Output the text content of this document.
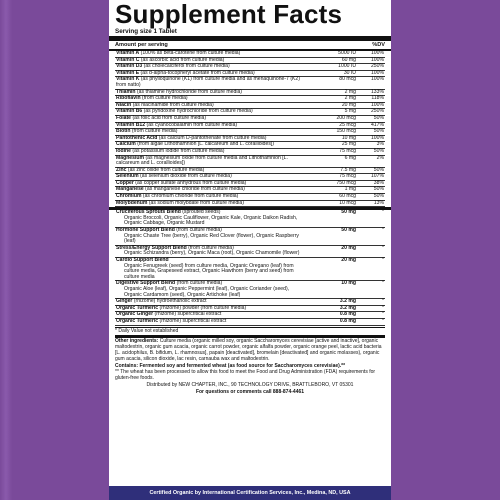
Supplement Facts
Serving size 1 Tablet
Amount per serving	%DV
Vitamin A (100% as beta-carotene from culture media)	5000 IU	100%
Vitamin C (as ascorbic acid from culture media)	60 mg	100%
Vitamin D3 (as cholecalciferol from culture media)	1000 IU	250%
Vitamin E (as d-alpha-tocopheryl acetate from culture media)	30 IU	100%
Vitamin K (as phylloquinone (K1) from culture media and as menaquinone-7 (K2) from natto)	80 mcg	100%
Thiamin (as thiamine hydrochloride from culture media)	2 mg	133%
Riboflavin (from culture media)	2 mg	118%
Niacin (as niacinamide from culture media)	20 mg	100%
Vitamin B6 (as pyridoxine hydrochloride from culture media)	5 mg	250%
Folate (as folic acid from culture media)	200 mcg	50%
Vitamin B12 (as cyanocobalamin from culture media)	25 mcg	417%
Biotin (from culture media)	150 mcg	50%
Pantothenic Acid (as calcium D-pantothenate from culture media)	10 mg	100%
Calcium (from algae Lithothamnion [L. calcareum and L. corallioides])	25 mg	3%
Iodine (as potassium iodide from culture media)	75 mcg	50%
Magnesium (as magnesium oxide from culture media and Lithothamnion [L. calcareum and L. corallioides])	6 mg	2%
Zinc (as zinc oxide from culture media)	7.5 mg	50%
Selenium (as selenium dioxide from culture media)	75 mcg	107%
Copper (as copper sulfate anhydrous from culture media)	750 mcg	38%
Manganese (as manganese chloride from culture media)	1 mg	50%
Chromium (as chromium chloride from culture media)	60 mcg	50%
Molybdenum (as sodium molybdate from culture media)	10 mcg	13%
Cruciferous Sprouts Blend (sprouted seeds)
Organic Broccoli, Organic Cauliflower, Organic Kale, Organic Daikon Radish, Organic Cabbage, Organic Mustard	50 mg	*
Hormone Support Blend (from culture media)
Organic Chaste Tree (berry), Organic Red Clover (flower), Organic Raspberry (leaf)	50 mg	*
Stress/Energy Support Blend (from culture media)
Organic Schizandra (berry), Organic Maca (root), Organic Chamomile (flower)	20 mg	*
Cardio Support Blend
Organic Fenugreek (seed) from culture media, Organic Oregano (leaf) from culture media, Grapeseed extract, Organic Hawthorn (berry and seed) from culture media	20 mg	*
Digestive Support Blend (from culture media)
Organic Aloe (leaf), Organic Peppermint (leaf), Organic Coriander (seed), Organic Cardamom (seed), Organic Artichoke (leaf)	10 mg	*
Ginger (rhizome) hydroethanolic extract	3.2 mg	*
Organic Turmeric (rhizome) powder (from culture media)	3.2 mg	*
Organic Ginger (rhizome) supercritical extract	0.8 mg	*
Organic Turmeric (rhizome) supercritical extract	0.8 mg	*
* Daily Value not established

Other ingredients: Culture media (organic milled soy, organic Saccharomyces cerevisiae [active and inactive], organic maltodextrin, organic gum acacia, organic carrot powder, organic alfalfa powder, organic orange peel, lactic acid bacteria [L. acidophilus, B. bifidum, L. rhamnosus], papain [deactivated], bromelain [deactivated] and organic molasses), organic gum acacia, silicon dioxide, lac resin, carnauba wax and maltodextrin.

Contains: Fermented soy and fermented wheat (as food source for Saccharomyces cerevisiae).**

** The wheat has been processed to allow this food to meet the Food and Drug Administration (FDA) requirements for gluten-free foods.

Distributed by NEW CHAPTER, INC., 90 TECHNOLOGY DRIVE, BRATTLEBORO, VT 05301

For questions or comments call 888-874-4461

Certified Organic by International Certification Services, Inc., Medina, ND, USA
